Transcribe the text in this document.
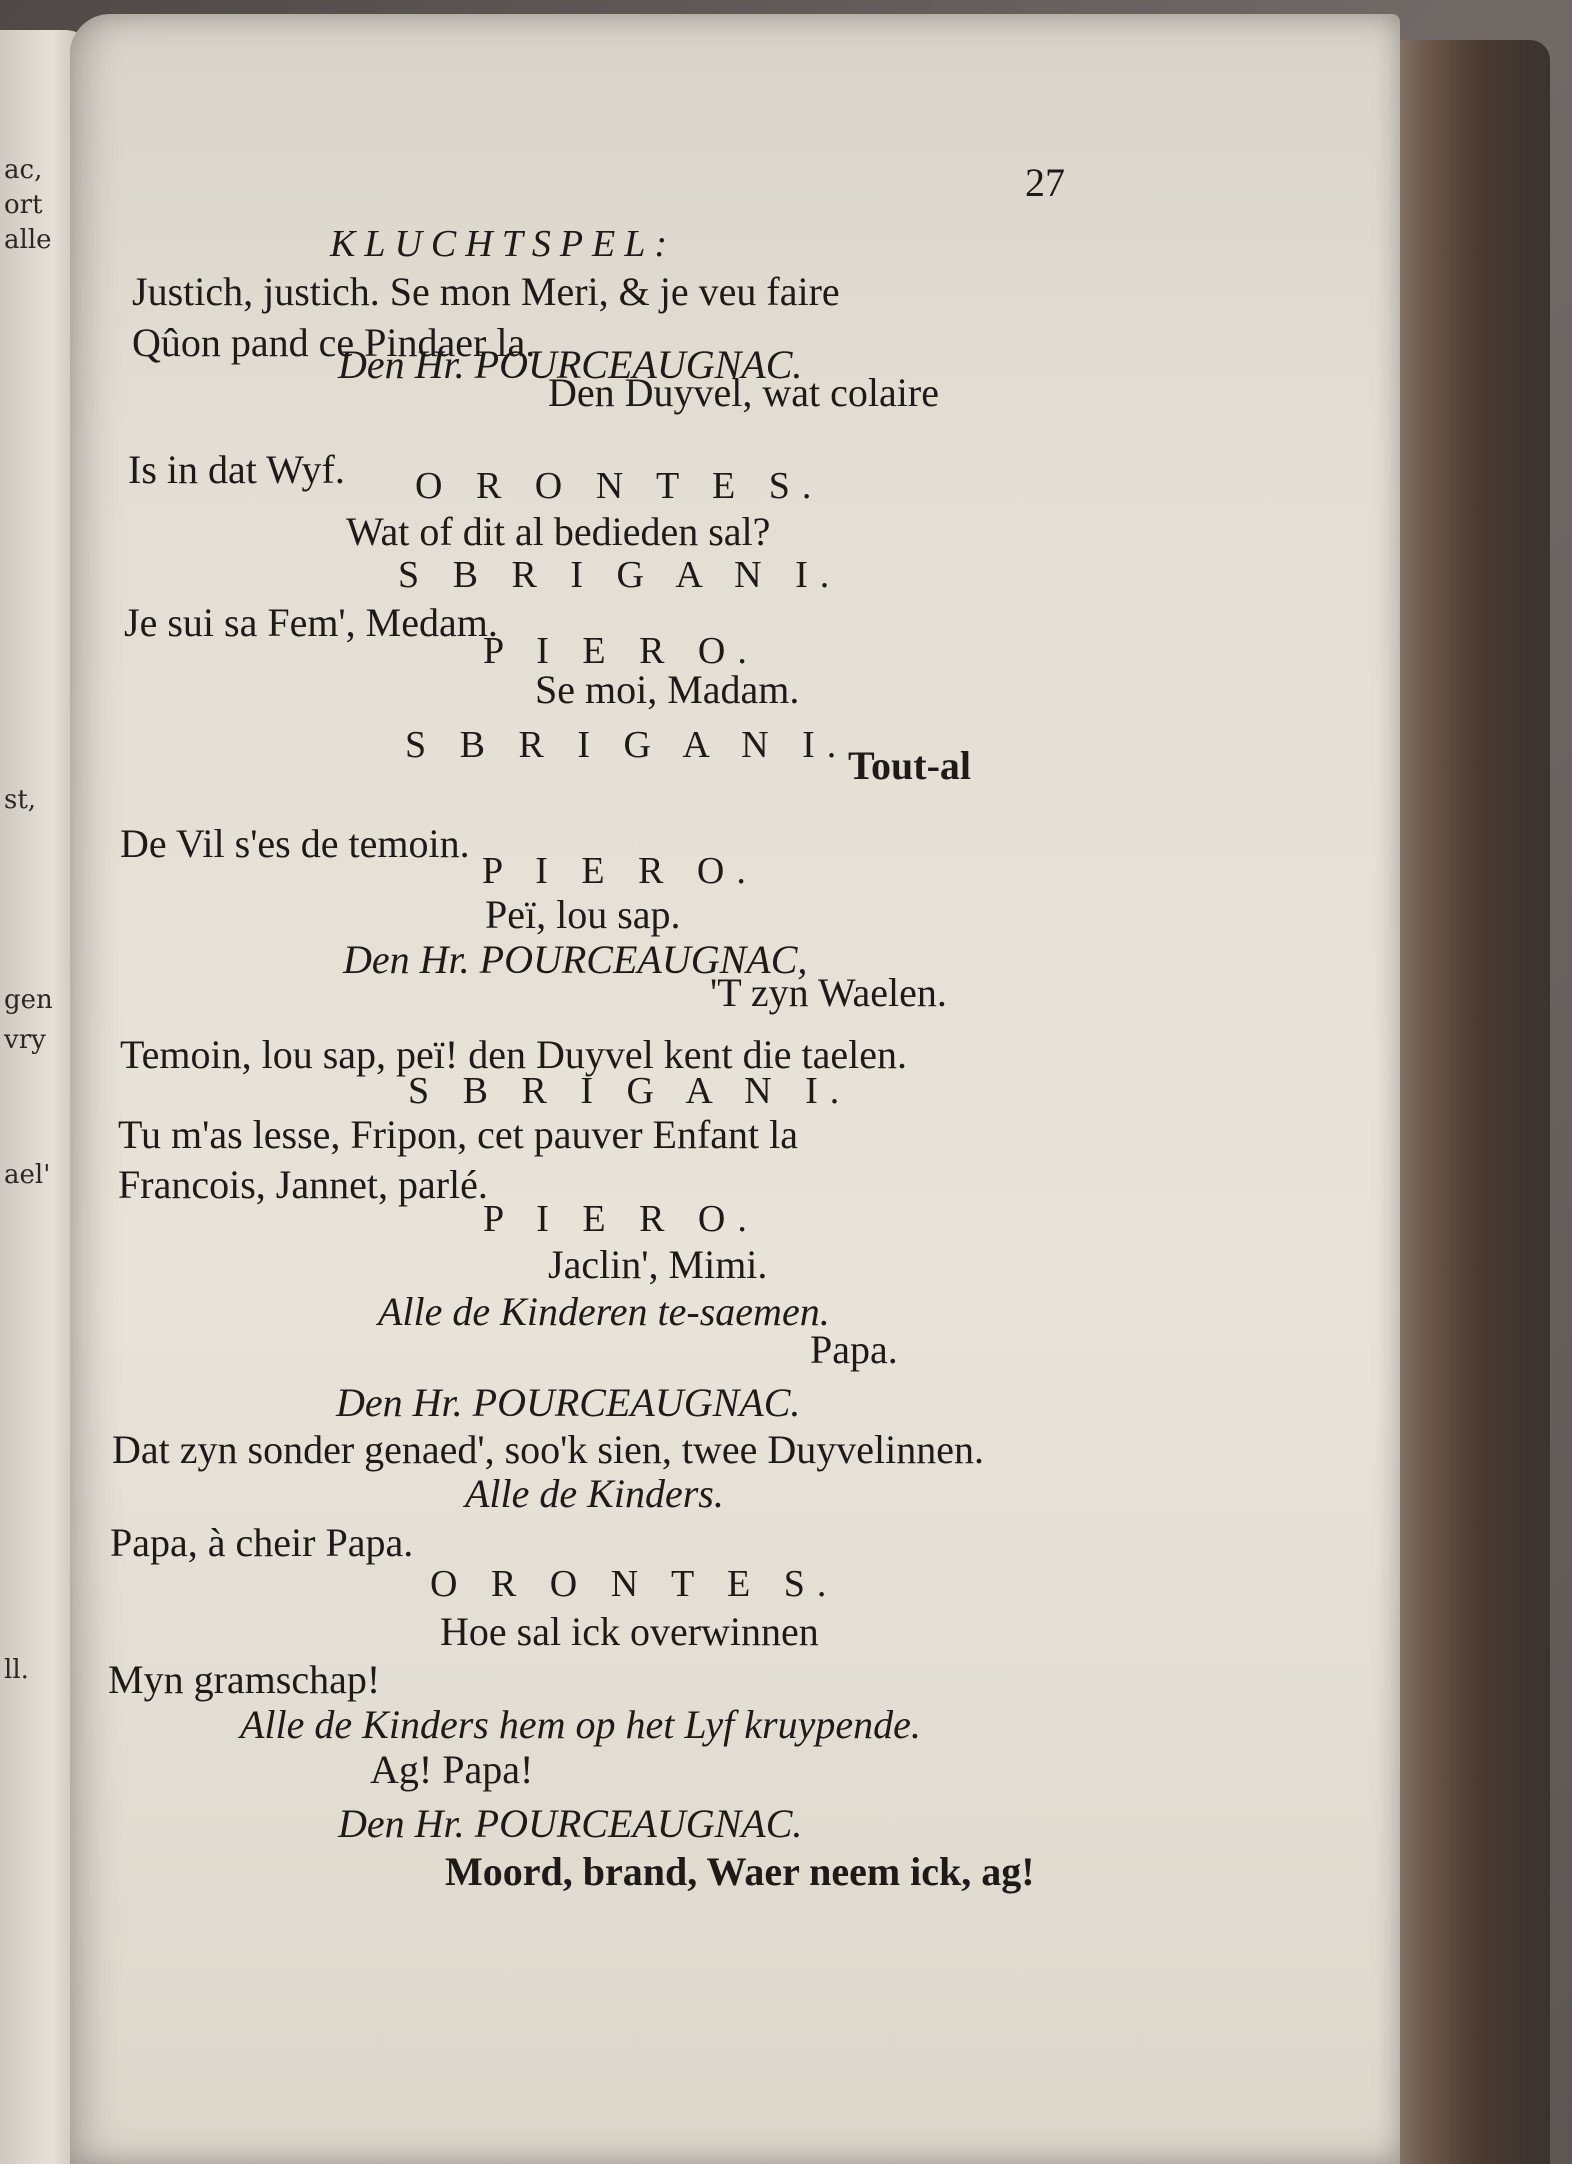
ac,
ort
alle
st,
gen
vry
ael'
ll.
27
KLUCHTSPEL:
Justich, justich. Se mon Meri, & je veu faire
Qûon pand ce Pindaer la.
Den Hr. POURCEAUGNAC.
Den Duyvel, wat colaire
Is in dat Wyf. O R O N T E S.
Wat of dit al bedieden sal?
S B R I G A N I.
Je sui sa Fem', Medam.
P I E R O.
Se moi, Madam.
S B R I G A N I. Tout-al
De Vil s'es de temoin.
P I E R O.
Peï, lou sap.
Den Hr. POURCEAUGNAC,
'T zyn Waelen.
Temoin, lou sap, peï! den Duyvel kent die taelen.
S B R I G A N I.
Tu m'as lesse, Fripon, cet pauver Enfant la
Francois, Jannet, parlé.
P I E R O.
Jaclin', Mimi.
Alle de Kinderen te-saemen.
Papa.
Den Hr. POURCEAUGNAC.
Dat zyn sonder genaed', soo'k sien, twee Duyvelinnen.
Alle de Kinders.
Papa, à cheir Papa.
O R O N T E S.
Hoe sal ick overwinnen
Myn gramschap!
Alle de Kinders hem op het Lyf kruypende.
Ag! Papa!
Den Hr. POURCEAUGNAC.
Moord, brand, Waer neem ick, ag!
